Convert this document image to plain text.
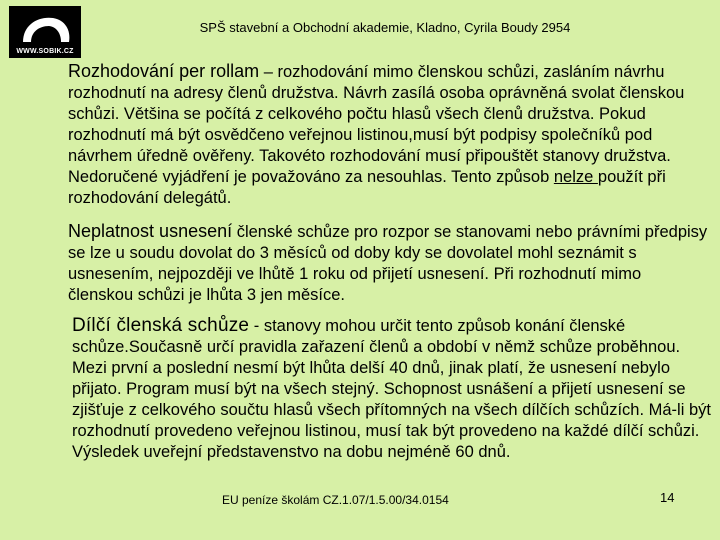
WWW.SOBIK.CZ
SPŠ stavební a Obchodní akademie, Kladno, Cyrila Boudy 2954
Rozhodování per rollam – rozhodování mimo členskou schůzi, zasláním návrhu rozhodnutí na adresy členů družstva. Návrh zasílá osoba oprávněná svolat členskou schůzi. Většina se počítá z celkového počtu hlasů všech členů družstva. Pokud rozhodnutí má být osvědčeno veřejnou listinou,musí být podpisy společníků pod návrhem úředně ověřeny. Takovéto rozhodování musí připouštět stanovy družstva. Nedoručené vyjádření je považováno za nesouhlas. Tento způsob nelze použít při rozhodování delegátů.
Neplatnost usnesení členské schůze pro rozpor se stanovami nebo právními předpisy se lze u soudu dovolat do 3 měsíců od doby kdy se dovolatel mohl seznámit s usnesením, nejpozději ve lhůtě 1 roku od přijetí usnesení. Při rozhodnutí mimo členskou schůzi je lhůta 3 jen měsíce.
Dílčí členská schůze - stanovy mohou určit tento způsob konání členské schůze.Současně určí pravidla zařazení členů a období v němž schůze proběhnou. Mezi první a poslední nesmí být lhůta delší 40 dnů, jinak platí, že usnesení nebylo přijato. Program musí být na všech stejný. Schopnost usnášení a přijetí usnesení se zjišťuje z celkového součtu hlasů všech přítomných na všech dílčích schůzích. Má-li být rozhodnutí provedeno veřejnou listinou, musí tak být provedeno na každé dílčí schůzi. Výsledek uveřejní představenstvo na dobu nejméně 60 dnů.
EU peníze školám CZ.1.07/1.5.00/34.0154	14
